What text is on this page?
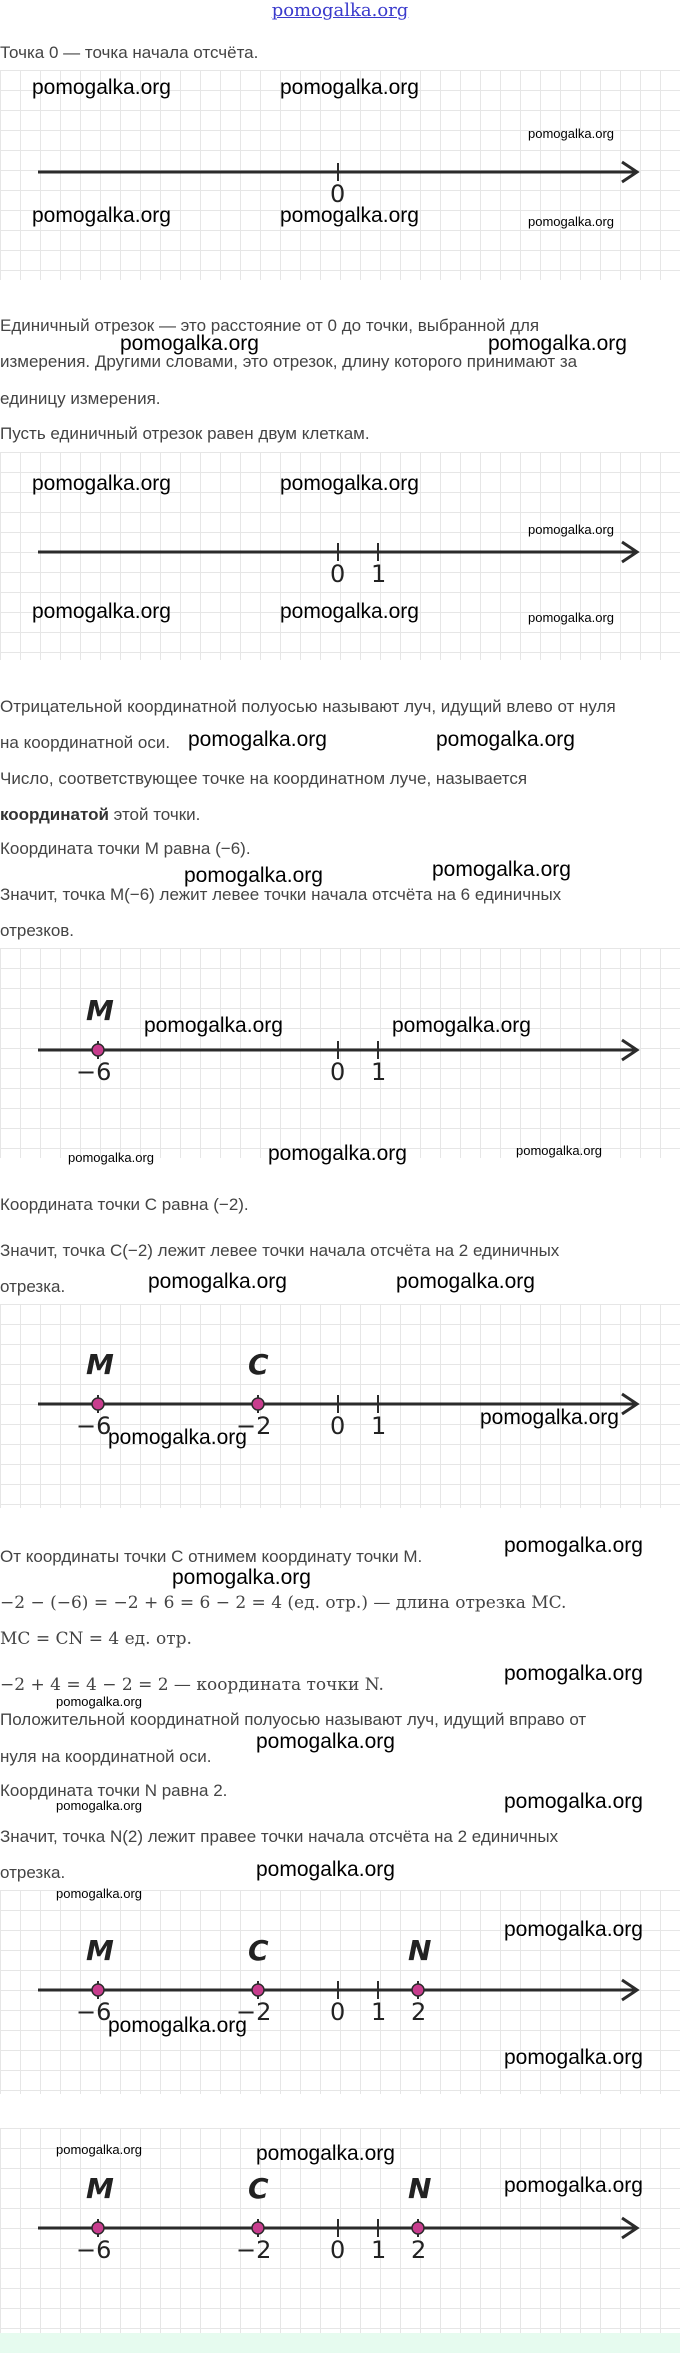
pomogalka.org
Точка 0 — точка начала отсчёта.
0
Единичный отрезок — это расстояние от 0 до точки, выбранной для
измерения. Другими словами, это отрезок, длину которого принимают за
единицу измерения.
Пусть единичный отрезок равен двум клеткам.
0 1
Отрицательной координатной полуосью называют луч, идущий влево от нуля
на координатной оси.
Число, соответствующее точке на координатном луче, называется
координатой этой точки.
Координата точки M равна (−6).
Значит, точка M(−6) лежит левее точки начала отсчёта на 6 единичных
отрезков.
M
−6	0 1
Координата точки C равна (−2).
Значит, точка C(−2) лежит левее точки начала отсчёта на 2 единичных
отрезка.
M	C
−6	−2 0 1
От координаты точки C отнимем координату точки M.
−2 − (−6) = −2 + 6 = 6 − 2 = 4 (ед. отр.) — длина отрезка MC.
MC = CN = 4 ед. отр.
−2 + 4 = 4 − 2 = 2 — координата точки N.
Положительной координатной полуосью называют луч, идущий вправо от
нуля на координатной оси.
Координата точки N равна 2.
Значит, точка N(2) лежит правее точки начала отсчёта на 2 единичных
отрезка.
M	C	N
−6	−2 0 1 2
M	C	N
−6	−2 0 1 2
pomogalka.org	pomogalka.org
pomogalka.org
pomogalka.org	pomogalka.org	pomogalka.org
pomogalka.org	pomogalka.org
pomogalka.org	pomogalka.org
pomogalka.org
pomogalka.org	pomogalka.org	pomogalka.org
pomogalka.org	pomogalka.org
pomogalka.org	pomogalka.org
pomogalka.org	pomogalka.org
pomogalka.org	pomogalka.org	pomogalka.org
pomogalka.org	pomogalka.org
pomogalka.org
pomogalka.org
pomogalka.org
pomogalka.org
pomogalka.org
pomogalka.org
pomogalka.org
pomogalka.org	pomogalka.org
pomogalka.org
pomogalka.org
pomogalka.org
pomogalka.org
pomogalka.org
pomogalka.org	pomogalka.org
pomogalka.org
